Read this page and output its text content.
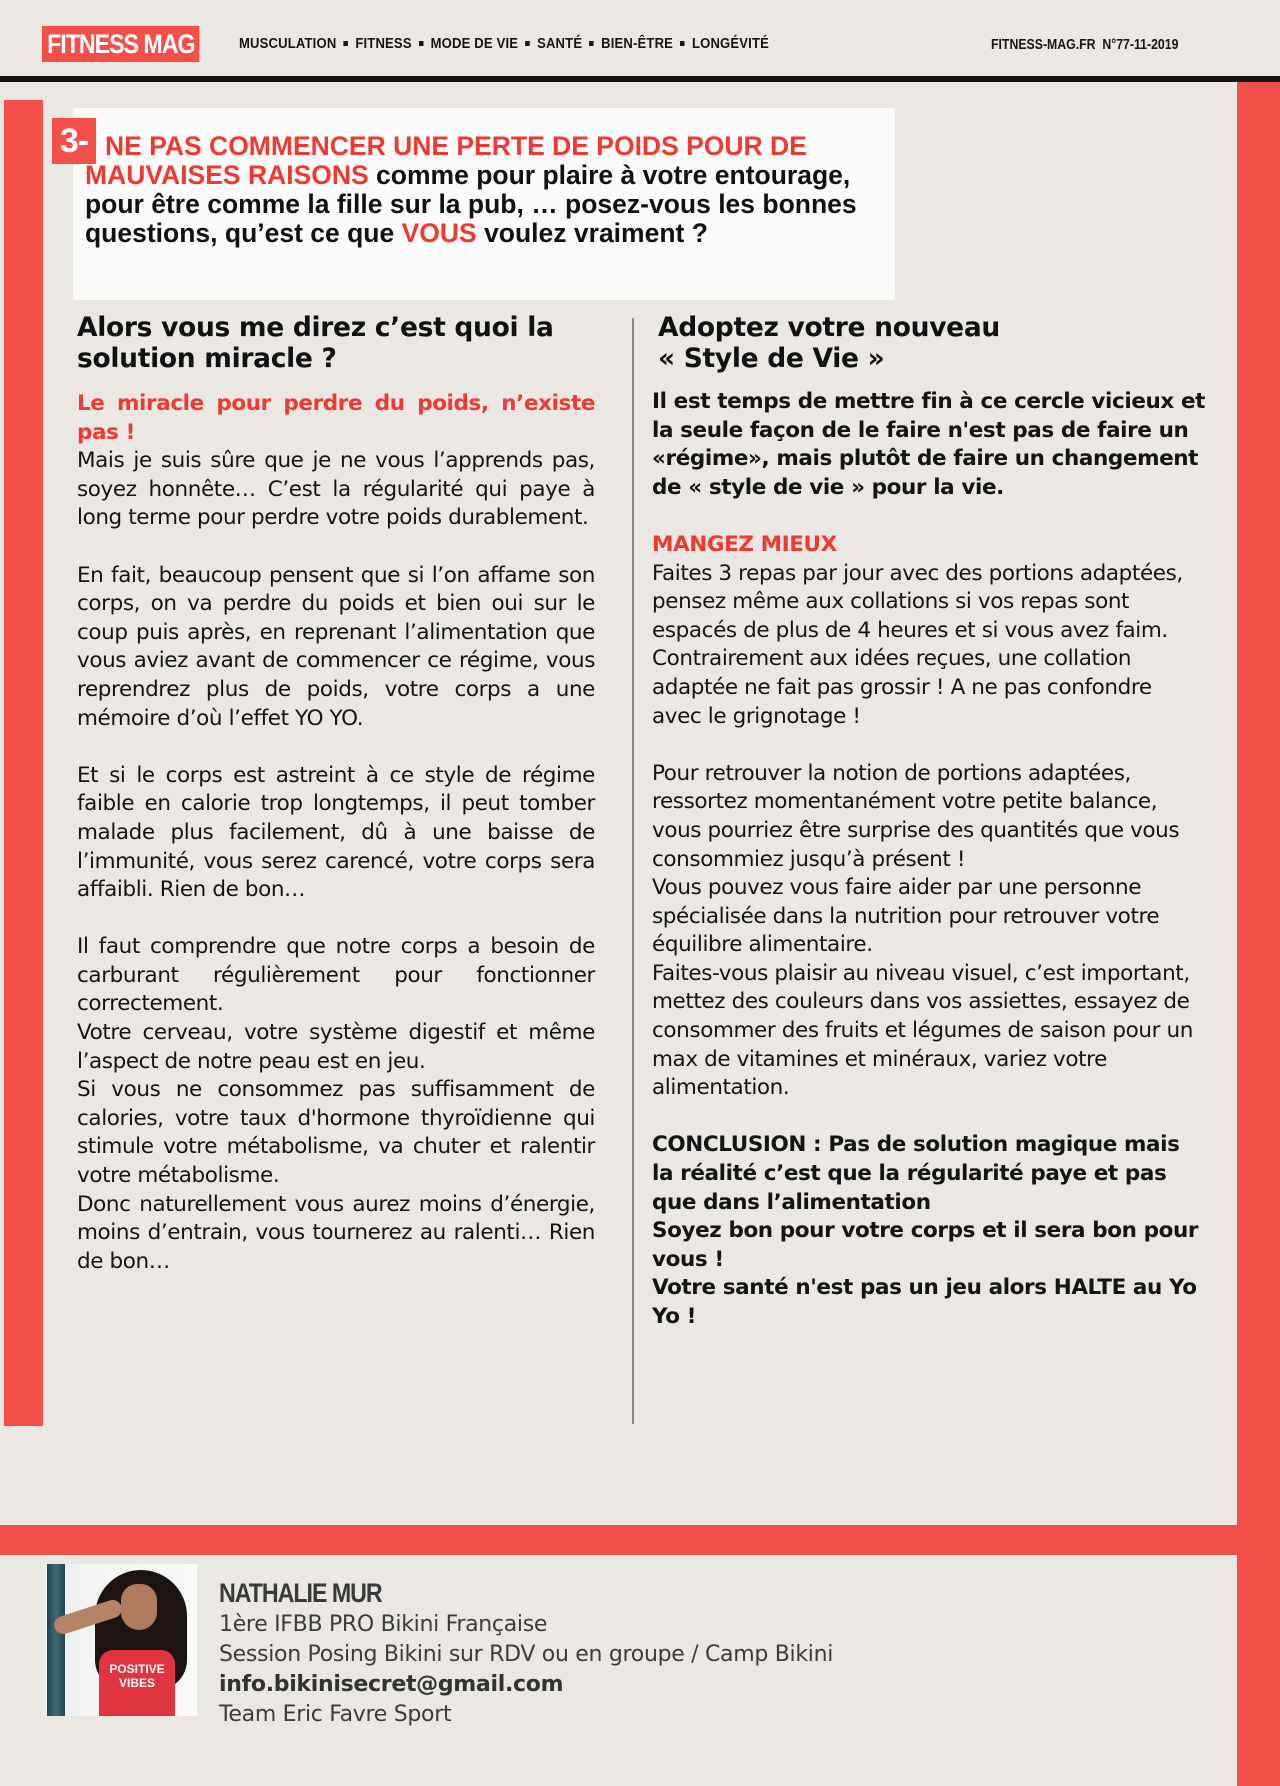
FITNESS MAG	MUSCULATION FITNESS MODE DE VIE SANTÉ BIEN-ÊTRE LONGÉVITÉ	FITNESS-MAG.FR N°77-11-2019
3- NE PAS COMMENCER UNE PERTE DE POIDS POUR DE MAUVAISES RAISONS comme pour plaire à votre entourage, pour être comme la fille sur la pub, … posez-vous les bonnes questions, qu’est ce que VOUS voulez vraiment ?
Alors vous me direz c’est quoi la solution miracle ?

Le miracle pour perdre du poids, n’existe pas !

Mais je suis sûre que je ne vous l’apprends pas, soyez honnête… C’est la régularité qui paye à long terme pour perdre votre poids durablement.

En fait, beaucoup pensent que si l’on affame son corps, on va perdre du poids et bien oui sur le coup puis après, en reprenant l’alimentation que vous aviez avant de commencer ce régime, vous reprendrez plus de poids, votre corps a une mémoire d’où l’effet YO YO.

Et si le corps est astreint à ce style de régime faible en calorie trop longtemps, il peut tomber malade plus facilement, dû à une baisse de l’immunité, vous serez carencé, votre corps sera affaibli. Rien de bon…

Il faut comprendre que notre corps a besoin de carburant régulièrement pour fonctionner correctement.

Votre cerveau, votre système digestif et même l’aspect de notre peau est en jeu.

Si vous ne consommez pas suffisamment de calories, votre taux d'hormone thyroïdienne qui stimule votre métabolisme, va chuter et ralentir votre métabolisme.

Donc naturellement vous aurez moins d’énergie, moins d’entrain, vous tournerez au ralenti… Rien de bon…

Adoptez votre nouveau
« Style de Vie »

Il est temps de mettre fin à ce cercle vicieux et la seule façon de le faire n'est pas de faire un «régime», mais plutôt de faire un changement de « style de vie » pour la vie.

MANGEZ MIEUX

Faites 3 repas par jour avec des portions adaptées, pensez même aux collations si vos repas sont espacés de plus de 4 heures et si vous avez faim.

Contrairement aux idées reçues, une collation adaptée ne fait pas grossir ! A ne pas confondre avec le grignotage !

Pour retrouver la notion de portions adaptées, ressortez momentanément votre petite balance, vous pourriez être surprise des quantités que vous consommiez jusqu’à présent !

Vous pouvez vous faire aider par une personne spécialisée dans la nutrition pour retrouver votre équilibre alimentaire.

Faites-vous plaisir au niveau visuel, c’est important, mettez des couleurs dans vos assiettes, essayez de consommer des fruits et légumes de saison pour un max de vitamines et minéraux, variez votre alimentation.

CONCLUSION : Pas de solution magique mais la réalité c’est que la régularité paye et pas que dans l’alimentation

Soyez bon pour votre corps et il sera bon pour vous !

Votre santé n'est pas un jeu alors HALTE au Yo Yo !

POSITIVE VIBES
NATHALIE MUR
1ère IFBB PRO Bikini Française
Session Posing Bikini sur RDV ou en groupe / Camp Bikini
info.bikinisecret@gmail.com
Team Eric Favre Sport
